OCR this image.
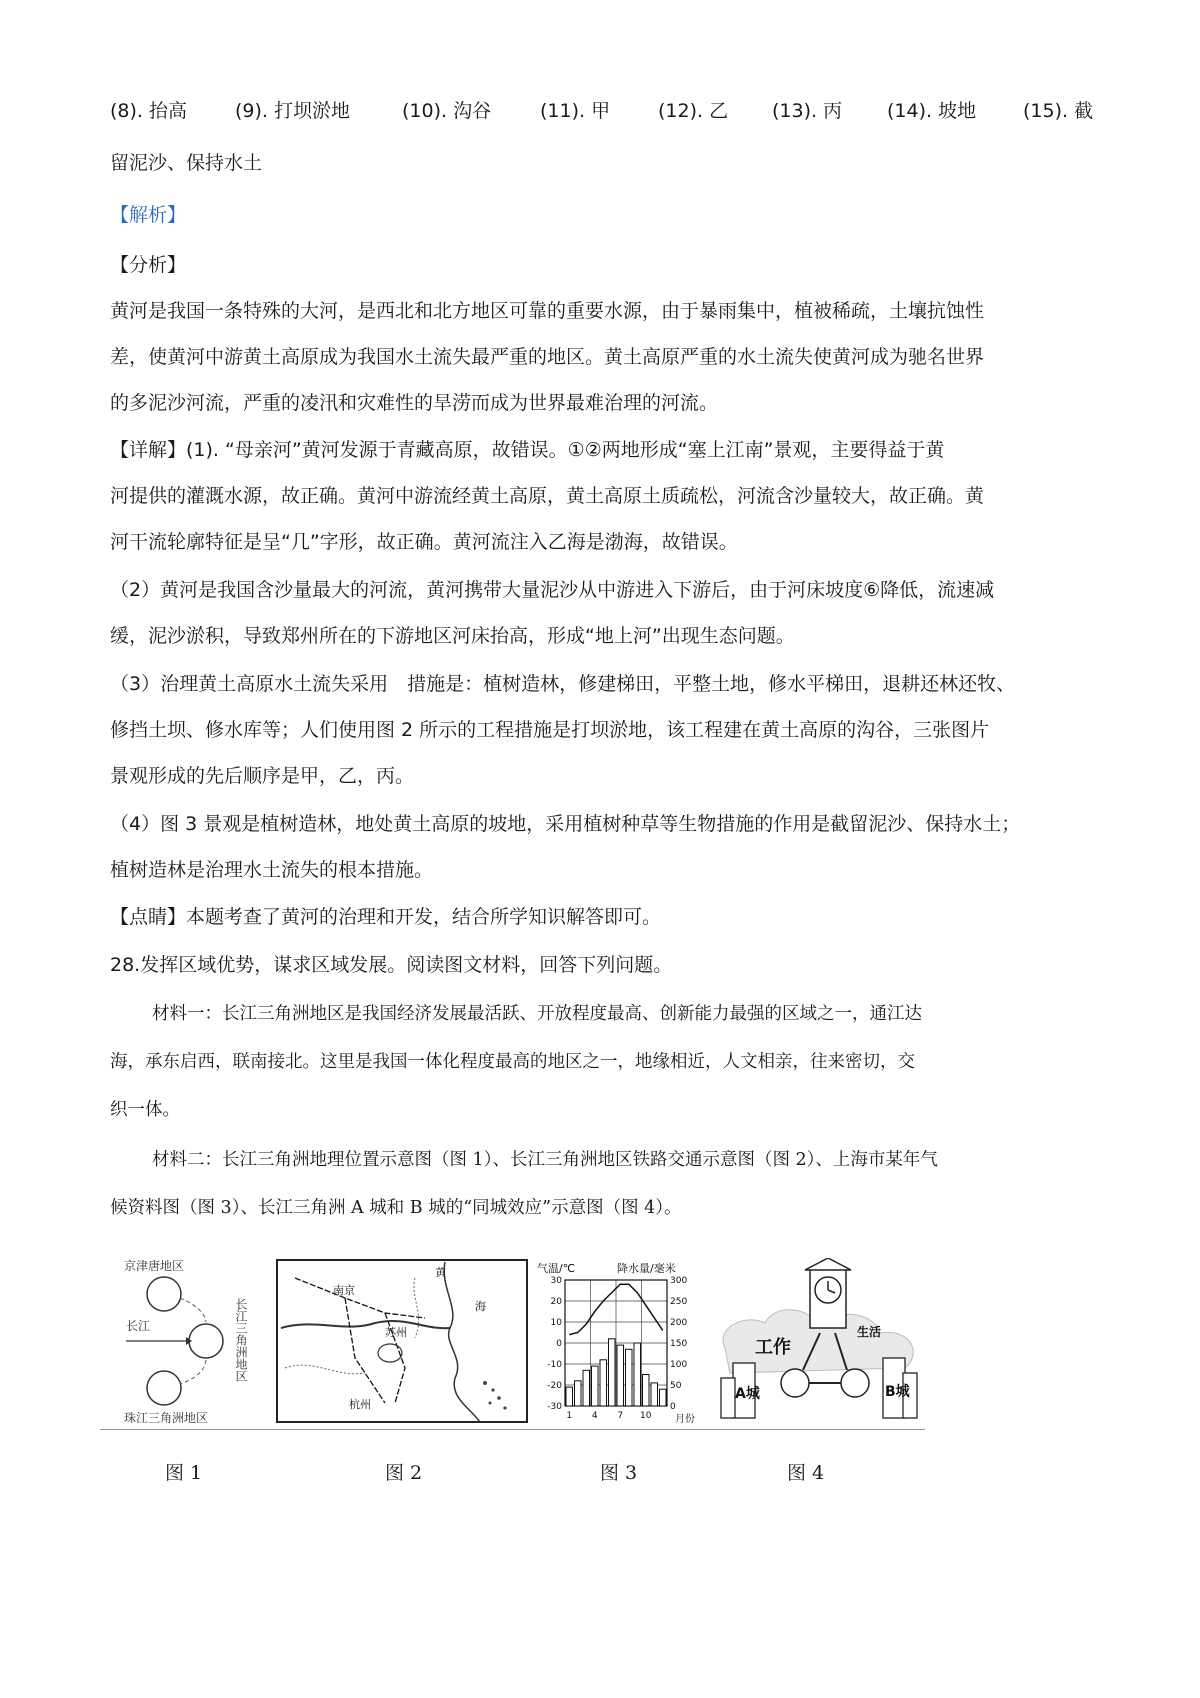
(8). 抬高	(9). 打坝淤地	(10). 沟谷	(11). 甲	(12). 乙 (13). 丙 (14). 坡地 (15). 截
留泥沙、保持水土
【解析】
【分析】
黄河是我国一条特殊的大河，是西北和北方地区可靠的重要水源，由于暴雨集中，植被稀疏，土壤抗蚀性
差，使黄河中游黄土高原成为我国水土流失最严重的地区。黄土高原严重的水土流失使黄河成为驰名世界
的多泥沙河流，严重的凌汛和灾难性的旱涝而成为世界最难治理的河流。
【详解】(1). “母亲河”黄河发源于青藏高原，故错误。①②两地形成“塞上江南”景观，主要得益于黄
河提供的灌溉水源，故正确。黄河中游流经黄土高原，黄土高原土质疏松，河流含沙量较大，故正确。黄
河干流轮廓特征是呈“几”字形，故正确。黄河流注入乙海是渤海，故错误。
（2）黄河是我国含沙量最大的河流，黄河携带大量泥沙从中游进入下游后，由于河床坡度⑥降低，流速减
缓，泥沙淤积，导致郑州所在的下游地区河床抬高，形成“地上河”出现生态问题。
（3）治理黄土高原水土流失采用　措施是：植树造林，修建梯田，平整土地，修水平梯田，退耕还林还牧、
修挡土坝、修水库等；人们使用图 2 所示的工程措施是打坝淤地，该工程建在黄土高原的沟谷，三张图片
景观形成的先后顺序是甲，乙，丙。
（4）图 3 景观是植树造林，地处黄土高原的坡地，采用植树种草等生物措施的作用是截留泥沙、保持水土；
植树造林是治理水土流失的根本措施。
【点睛】本题考查了黄河的治理和开发，结合所学知识解答即可。
28.发挥区域优势，谋求区域发展。阅读图文材料，回答下列问题。
材料一：长江三角洲地区是我国经济发展最活跃、开放程度最高、创新能力最强的区域之一，通江达
海，承东启西，联南接北。这里是我国一体化程度最高的地区之一，地缘相近，人文相亲，往来密切，交
织一体。
材料二：长江三角洲地理位置示意图（图 1）、长江三角洲地区铁路交通示意图（图 2）、上海市某年气
候资料图（图 3）、长江三角洲 A 城和 B 城的“同城效应”示意图（图 4）。
京津唐地区
长江	长江三角洲地区
珠江三角洲地区
南京
苏州
杭州
海
黄	气温/℃	降水量/毫米
月份
30
20
10
0
-10
-20
-30
300
250
200
150
100
50
0
1 4 7 10
工作
A城
生活
B城
图 1	图 2	图 3	图 4
